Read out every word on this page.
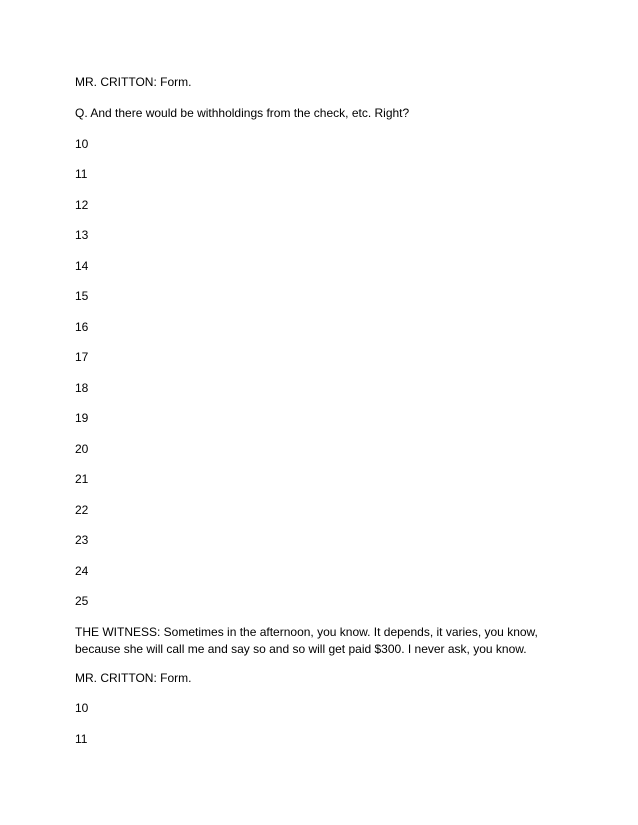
MR. CRITTON: Form.
Q. And there would be withholdings from the check, etc. Right?
10
11
12
13
14
15
16
17
18
19
20
21
22
23
24
25
THE WITNESS: Sometimes in the afternoon, you know. It depends, it varies, you know, because she will call me and say so and so will get paid $300. I never ask, you know.
MR. CRITTON: Form.
10
11
